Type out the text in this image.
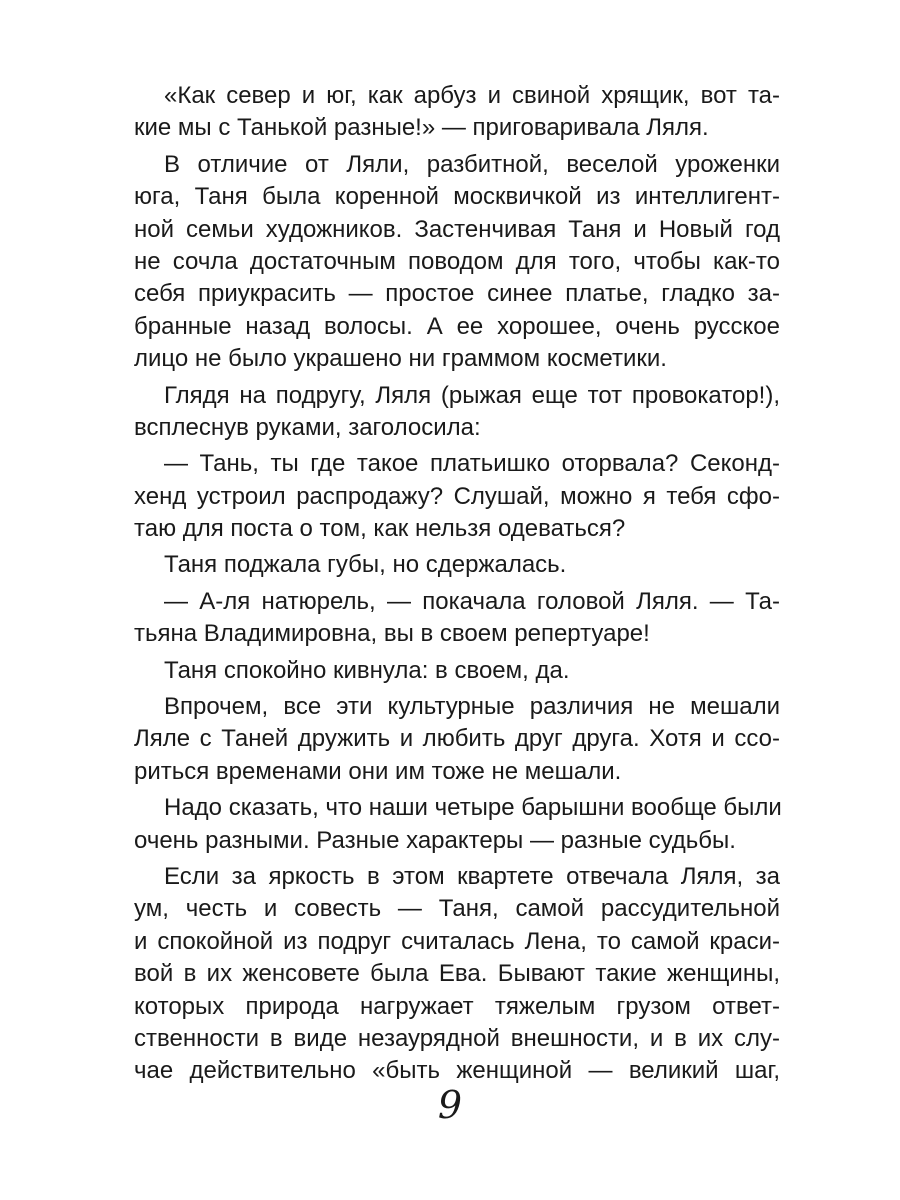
«Как север и юг, как арбуз и свиной хрящик, вот та-
кие мы с Танькой разные!» — приговаривала Ляля.
В отличие от Ляли, разбитной, веселой уроженки
юга, Таня была коренной москвичкой из интеллигент-
ной семьи художников. Застенчивая Таня и Новый год
не сочла достаточным поводом для того, чтобы как-то
себя приукрасить — простое синее платье, гладко за-
бранные назад волосы. А ее хорошее, очень русское
лицо не было украшено ни граммом косметики.
Глядя на подругу, Ляля (рыжая еще тот провокатор!),
всплеснув руками, заголосила:
— Тань, ты где такое платьишко оторвала? Секонд-
хенд устроил распродажу? Слушай, можно я тебя сфо-
таю для поста о том, как нельзя одеваться?
Таня поджала губы, но сдержалась.
— А-ля натюрель, — покачала головой Ляля. — Та-
тьяна Владимировна, вы в своем репертуаре!
Таня спокойно кивнула: в своем, да.
Впрочем, все эти культурные различия не мешали
Ляле с Таней дружить и любить друг друга. Хотя и ссо-
риться временами они им тоже не мешали.
Надо сказать, что наши четыре барышни вообще были
очень разными. Разные характеры — разные судьбы.
Если за яркость в этом квартете отвечала Ляля, за
ум, честь и совесть — Таня, самой рассудительной
и спокойной из подруг считалась Лена, то самой краси-
вой в их женсовете была Ева. Бывают такие женщины,
которых природа нагружает тяжелым грузом ответ-
ственности в виде незаурядной внешности, и в их слу-
чае действительно «быть женщиной — великий шаг,
9
